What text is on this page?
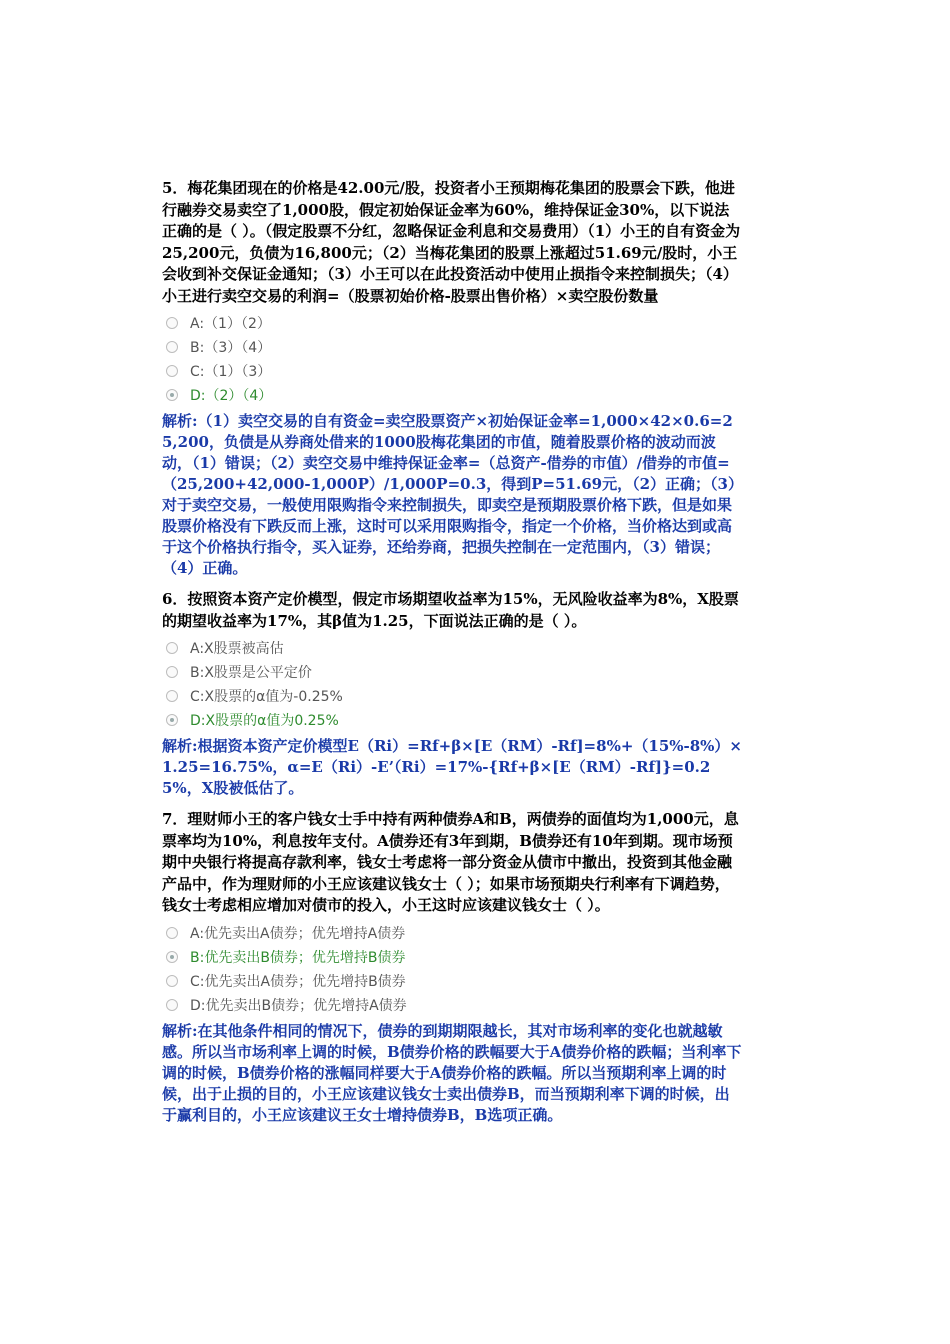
5．梅花集团现在的价格是42.00元/股，投资者小王预期梅花集团的股票会下跌，他进行融券交易卖空了1,000股，假定初始保证金率为60%，维持保证金30%，以下说法正确的是（ ）。（假定股票不分红，忽略保证金利息和交易费用）（1）小王的自有资金为25,200元，负债为16,800元；（2）当梅花集团的股票上涨超过51.69元/股时，小王会收到补交保证金通知；（3）小王可以在此投资活动中使用止损指令来控制损失；（4）小王进行卖空交易的利润=（股票初始价格-股票出售价格）×卖空股份数量

A:（1）（2）
B:（3）（4）
C:（1）（3）
D:（2）（4）

解析:（1）卖空交易的自有资金=卖空股票资产×初始保证金率=1,000×42×0.6=25,200，负债是从券商处借来的1000股梅花集团的市值，随着股票价格的波动而波动，（1）错误；（2）卖空交易中维持保证金率=（总资产-借券的市值）/借券的市值=（25,200+42,000-1,000P）/1,000P=0.3，得到P=51.69元，（2）正确；（3）对于卖空交易，一般使用限购指令来控制损失，即卖空是预期股票价格下跌，但是如果股票价格没有下跌反而上涨，这时可以采用限购指令，指定一个价格，当价格达到或高于这个价格执行指令，买入证券，还给券商，把损失控制在一定范围内，（3）错误；（4）正确。

6．按照资本资产定价模型，假定市场期望收益率为15%，无风险收益率为8%，X股票的期望收益率为17%，其β值为1.25，下面说法正确的是（ ）。

A:X股票被高估
B:X股票是公平定价
C:X股票的α值为-0.25%
D:X股票的α值为0.25%

解析:根据资本资产定价模型E（Ri）=Rf+β×[E（RM）-Rf]=8%+（15%-8%）×1.25=16.75%，α=E（Ri）-E’（Ri）=17%-{Rf+β×[E（RM）-Rf]}=0.25%，X股被低估了。

7．理财师小王的客户钱女士手中持有两种债券A和B，两债券的面值均为1,000元，息票率均为10%，利息按年支付。A债券还有3年到期，B债券还有10年到期。现市场预期中央银行将提高存款利率，钱女士考虑将一部分资金从债市中撤出，投资到其他金融产品中，作为理财师的小王应该建议钱女士（ ）；如果市场预期央行利率有下调趋势，钱女士考虑相应增加对债市的投入，小王这时应该建议钱女士（ ）。

A:优先卖出A债券；优先增持A债券
B:优先卖出B债券；优先增持B债券
C:优先卖出A债券；优先增持B债券
D:优先卖出B债券；优先增持A债券

解析:在其他条件相同的情况下，债券的到期期限越长，其对市场利率的变化也就越敏感。所以当市场利率上调的时候，B债券价格的跌幅要大于A债券价格的跌幅；当利率下调的时候，B债券价格的涨幅同样要大于A债券价格的跌幅。所以当预期利率上调的时候，出于止损的目的，小王应该建议钱女士卖出债券B，而当预期利率下调的时候，出于赢利目的，小王应该建议王女士增持债券B，B选项正确。
